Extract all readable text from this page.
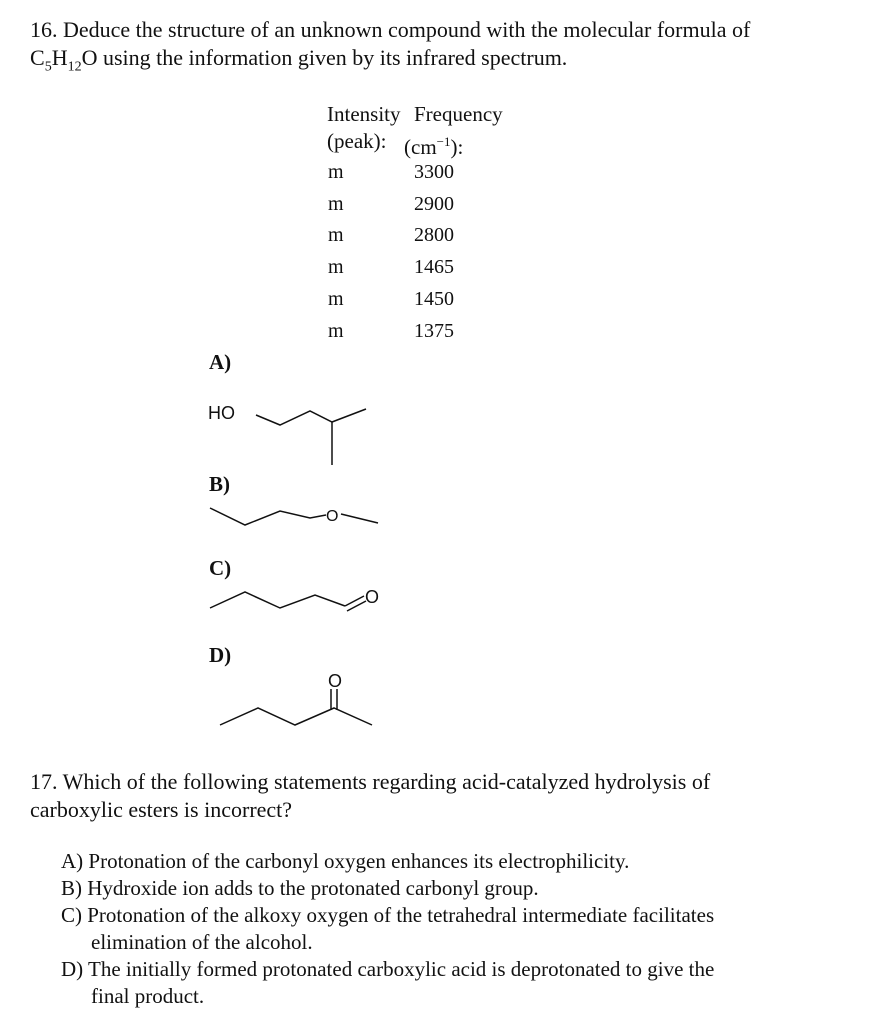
16. Deduce the structure of an unknown compound with the molecular formula of
$C_5H_{12}O$ using the information given by its infrared spectrum.
Intensity Frequency
(peak): $(cm^{-1})$:
m	3300
m	2900
m	2800
m	1465
m	1450
m	1375
A)
HO
B)
O
C)
O
D)
O
17. Which of the following statements regarding acid-catalyzed hydrolysis of
carboxylic esters is incorrect?
A) Protonation of the carbonyl oxygen enhances its electrophilicity.
B) Hydroxide ion adds to the protonated carbonyl group.
C) Protonation of the alkoxy oxygen of the tetrahedral intermediate facilitates
elimination of the alcohol.
D) The initially formed protonated carboxylic acid is deprotonated to give the
final product.
